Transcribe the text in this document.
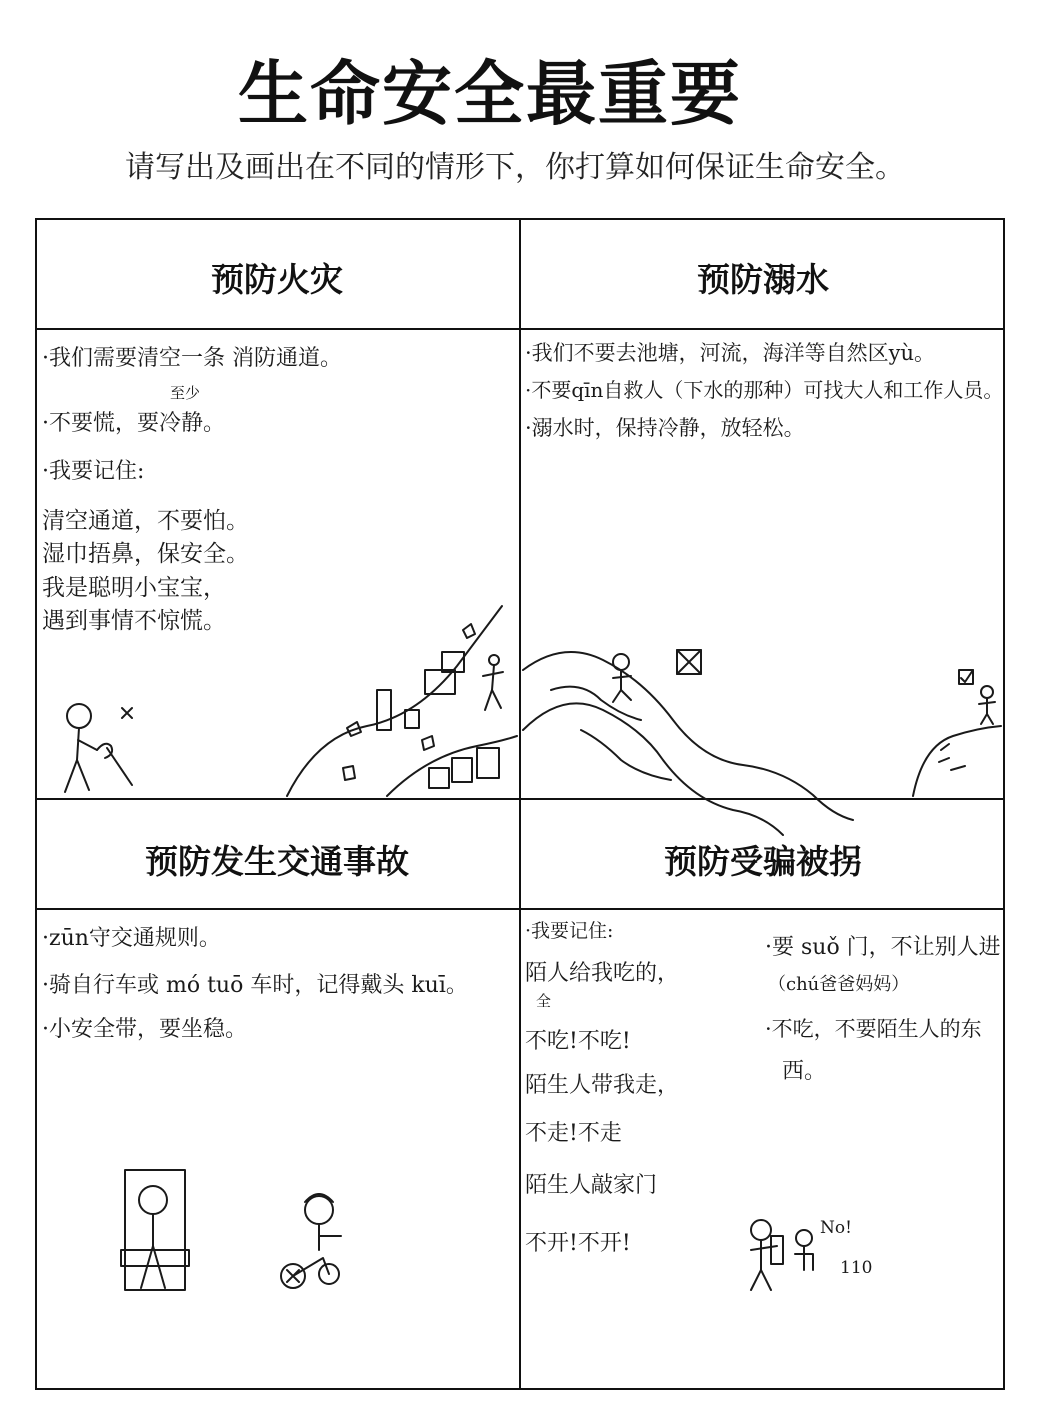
生命安全最重要
请写出及画出在不同的情形下，你打算如何保证生命安全。
预防火灾	预防溺水
预防发生交通事故	预防受骗被拐
·我们需要清空一条 消防通道。
至少
·不要慌，要冷静。
·我要记住:
清空通道，不要怕。
湿巾捂鼻，保安全。
我是聪明小宝宝，
遇到事情不惊慌。
·我们不要去池塘，河流，海洋等自然区yù。
·不要qīn自救人（下水的那种）可找大人和工作人员。
·溺水时，保持冷静，放轻松。
·zūn守交通规则。
·骑自行车或 mó tuō 车时，记得戴头 kuī。
·小安全带，要坐稳。
·我要记住:
陌人给我吃的，
全
不吃!不吃!
陌生人带我走，
不走!不走
陌生人敲家门
不开!不开!
·要 suǒ 门，不让别人进
（chú爸爸妈妈）
·不吃，不要陌生人的东
西。
No!
110
